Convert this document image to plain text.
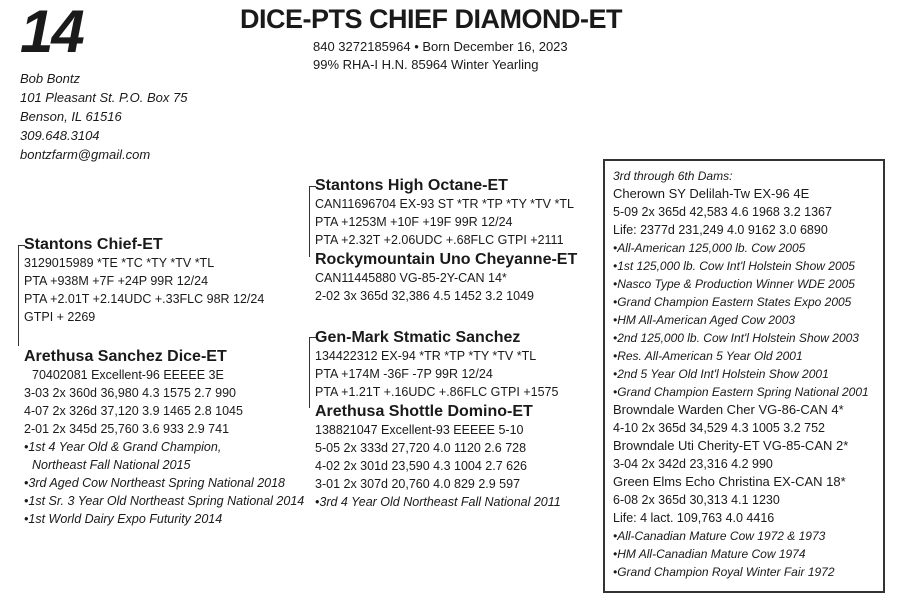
14	DICE-PTS CHIEF DIAMOND-ET
840 3272185964 • Born December 16, 2023
99% RHA-I H.N. 85964 Winter Yearling
Bob Bontz
101 Pleasant St. P.O. Box 75
Benson, IL 61516
309.648.3104
bontzfarm@gmail.com
Stantons Chief-ET
3129015989 *TE *TC *TY *TV *TL
PTA +938M +7F +24P 99R 12/24
PTA +2.01T +2.14UDC +.33FLC 98R 12/24
GTPI + 2269
Arethusa Sanchez Dice-ET
70402081 Excellent-96 EEEEE 3E
3-03 2x 360d 36,980 4.3 1575 2.7 990
4-07 2x 326d 37,120 3.9 1465 2.8 1045
2-01 2x 345d 25,760 3.6 933 2.9 741
•1st 4 Year Old & Grand Champion,
Northeast Fall National 2015
•3rd Aged Cow Northeast Spring National 2018
•1st Sr. 3 Year Old Northeast Spring National 2014
•1st World Dairy Expo Futurity 2014
Stantons High Octane-ET
CAN11696704 EX-93 ST *TR *TP *TY *TV *TL
PTA +1253M +10F +19F 99R 12/24
PTA +2.32T +2.06UDC +.68FLC GTPI +2111
Rockymountain Uno Cheyanne-ET
CAN11445880 VG-85-2Y-CAN 14*
2-02 3x 365d 32,386 4.5 1452 3.2 1049
Gen-Mark Stmatic Sanchez
134422312 EX-94 *TR *TP *TY *TV *TL
PTA +174M -36F -7P 99R 12/24
PTA +1.21T +.16UDC +.86FLC GTPI +1575
Arethusa Shottle Domino-ET
138821047 Excellent-93 EEEEE 5-10
5-05 2x 333d 27,720 4.0 1120 2.6 728
4-02 2x 301d 23,590 4.3 1004 2.7 626
3-01 2x 307d 20,760 4.0 829 2.9 597
•3rd 4 Year Old Northeast Fall National 2011
3rd through 6th Dams:
Cherown SY Delilah-Tw EX-96 4E
5-09 2x 365d 42,583 4.6 1968 3.2 1367
Life: 2377d 231,249 4.0 9162 3.0 6890
•All-American 125,000 lb. Cow 2005
•1st 125,000 lb. Cow Int'l Holstein Show 2005
•Nasco Type & Production Winner WDE 2005
•Grand Champion Eastern States Expo 2005
•HM All-American Aged Cow 2003
•2nd 125,000 lb. Cow Int'l Holstein Show 2003
•Res. All-American 5 Year Old 2001
•2nd 5 Year Old Int'l Holstein Show 2001
•Grand Champion Eastern Spring National 2001
Browndale Warden Cher VG-86-CAN 4*
4-10 2x 365d 34,529 4.3 1005 3.2 752
Browndale Uti Cherity-ET VG-85-CAN 2*
3-04 2x 342d 23,316 4.2 990
Green Elms Echo Christina EX-CAN 18*
6-08 2x 365d 30,313 4.1 1230
Life: 4 lact. 109,763 4.0 4416
•All-Canadian Mature Cow 1972 & 1973
•HM All-Canadian Mature Cow 1974
•Grand Champion Royal Winter Fair 1972
